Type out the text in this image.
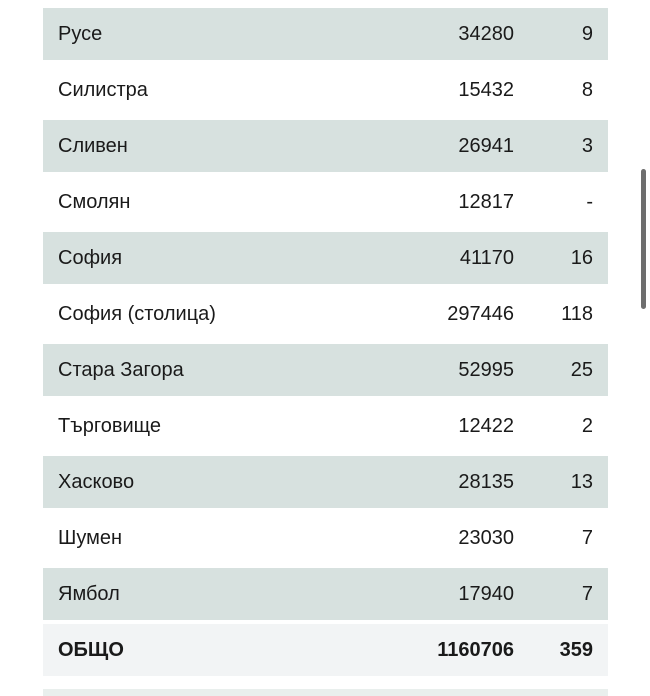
Русе	34280	9
Силистра	15432	8
Сливен	26941	3
Смолян	12817	-
София	41170	16
София (столица)	297446	118
Стара Загора	52995	25
Търговище	12422	2
Хасково	28135	13
Шумен	23030	7
Ямбол	17940	7
ОБЩО	1160706	359
